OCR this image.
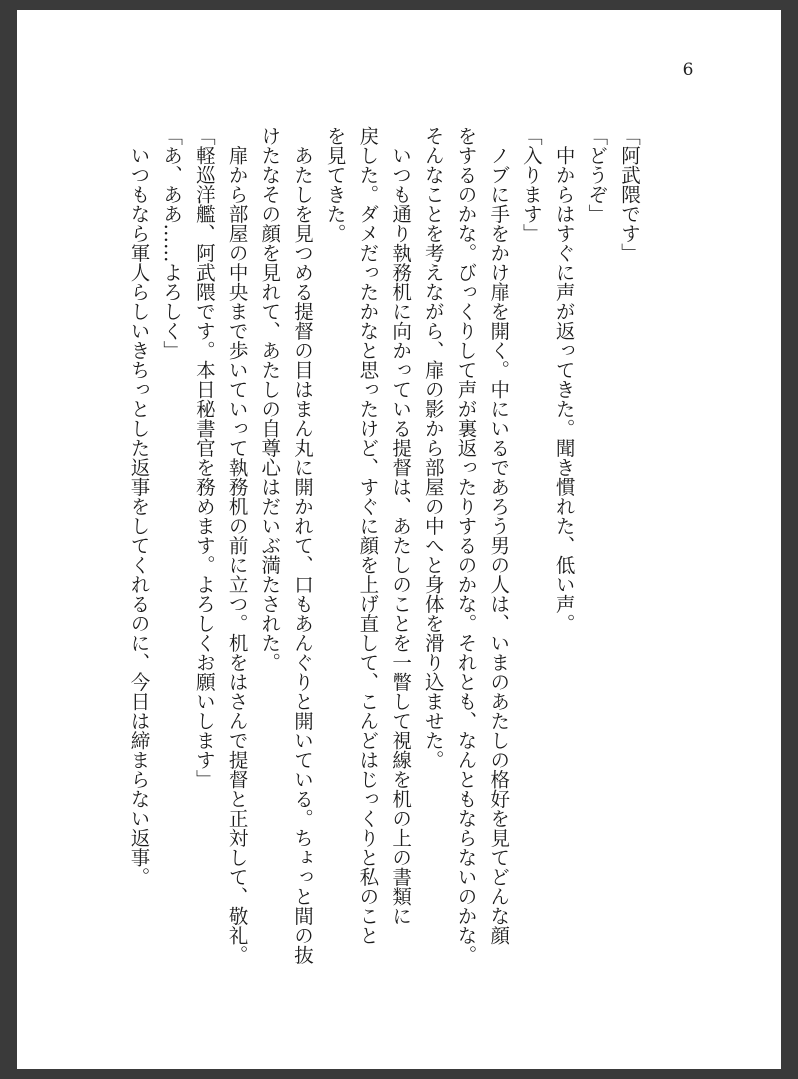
6
「阿武隈です」
「どうぞ」
　中からはすぐに声が返ってきた。聞き慣れた、低い声。
「入ります」
　ノブに手をかけ扉を開く。中にいるであろう男の人は、いまのあたしの格好を見てどんな顔
をするのかな。びっくりして声が裏返ったりするのかな。それとも、なんともならないのかな。
そんなことを考えながら、扉の影から部屋の中へと身体を滑り込ませた。
　いつも通り執務机に向かっている提督は、あたしのことを一瞥して視線を机の上の書類に
戻した。ダメだったかなと思ったけど、すぐに顔を上げ直して、こんどはじっくりと私のこと
を見てきた。
　あたしを見つめる提督の目はまん丸に開かれて、口もあんぐりと開いている。ちょっと間の抜
けたなその顔を見れて、あたしの自尊心はだいぶ満たされた。
　扉から部屋の中央まで歩いていって執務机の前に立つ。机をはさんで提督と正対して、敬礼。
「軽巡洋艦、阿武隈です。本日秘書官を務めます。よろしくお願いします」
「あ、ああ……よろしく」
　いつもなら軍人らしいきちっとした返事をしてくれるのに、今日は締まらない返事。
